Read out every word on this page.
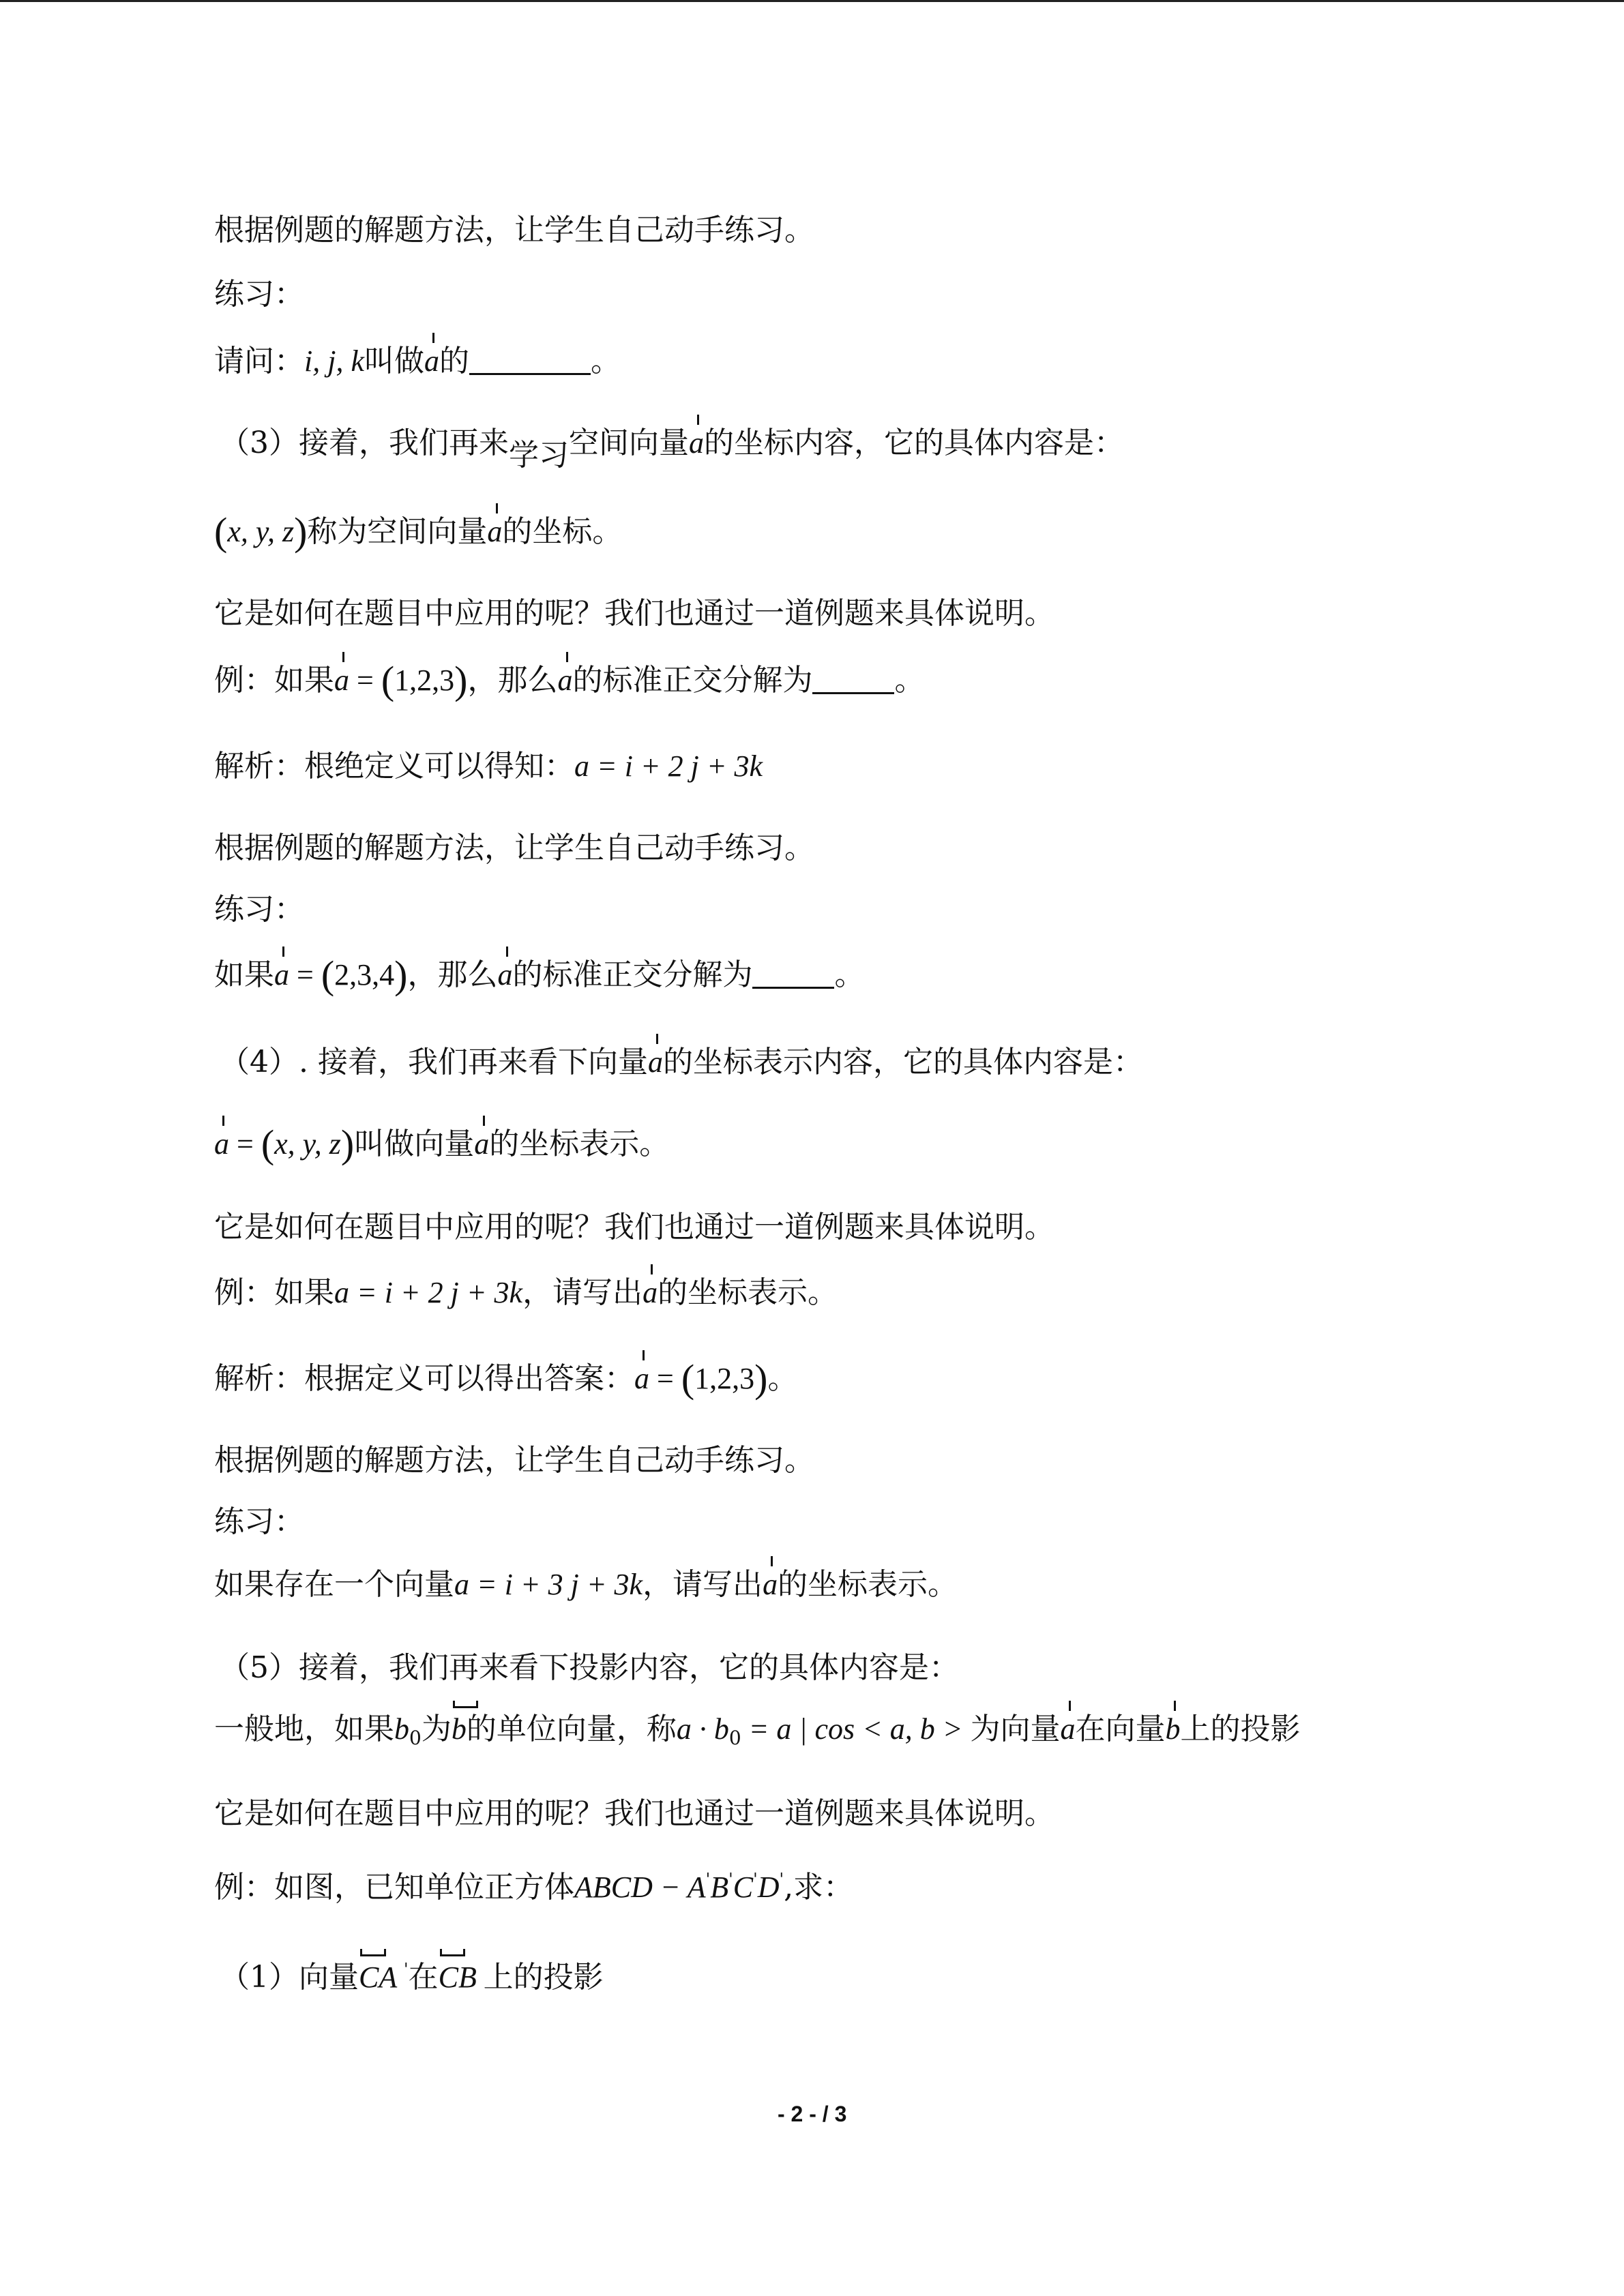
根据例题的解题方法，让学生自己动手练习。
练习：
请问：i, j, k叫做a的	。
（3）接着，我们再来学习空间向量a的坐标内容，它的具体内容是：
(x, y, z)称为空间向量a的坐标。
它是如何在题目中应用的呢？我们也通过一道例题来具体说明。
例：如果a = (1,2,3)，那么a的标准正交分解为	。
解析：根绝定义可以得知：a = i + 2 j + 3k
根据例题的解题方法，让学生自己动手练习。
练习：
如果a = (2,3,4)，那么a的标准正交分解为	。
（4）. 接着，我们再来看下向量a的坐标表示内容，它的具体内容是：
a = (x, y, z)叫做向量a的坐标表示。
它是如何在题目中应用的呢？我们也通过一道例题来具体说明。
例：如果a = i + 2 j + 3k，请写出a的坐标表示。
解析：根据定义可以得出答案：a = (1,2,3)。
根据例题的解题方法，让学生自己动手练习。
练习：
如果存在一个向量a = i + 3 j + 3k，请写出a的坐标表示。
（5）接着，我们再来看下投影内容，它的具体内容是：
一般地，如果$b_0$为b的单位向量，称$a \cdot b_0 = a$ | cos < a, b > 为向量a在向量b上的投影
它是如何在题目中应用的呢？我们也通过一道例题来具体说明。
例：如图，已知单位正方体ABCD − A'B'C'D',求：
（1）向量CA '在CB 上的投影
- 2 - / 3
